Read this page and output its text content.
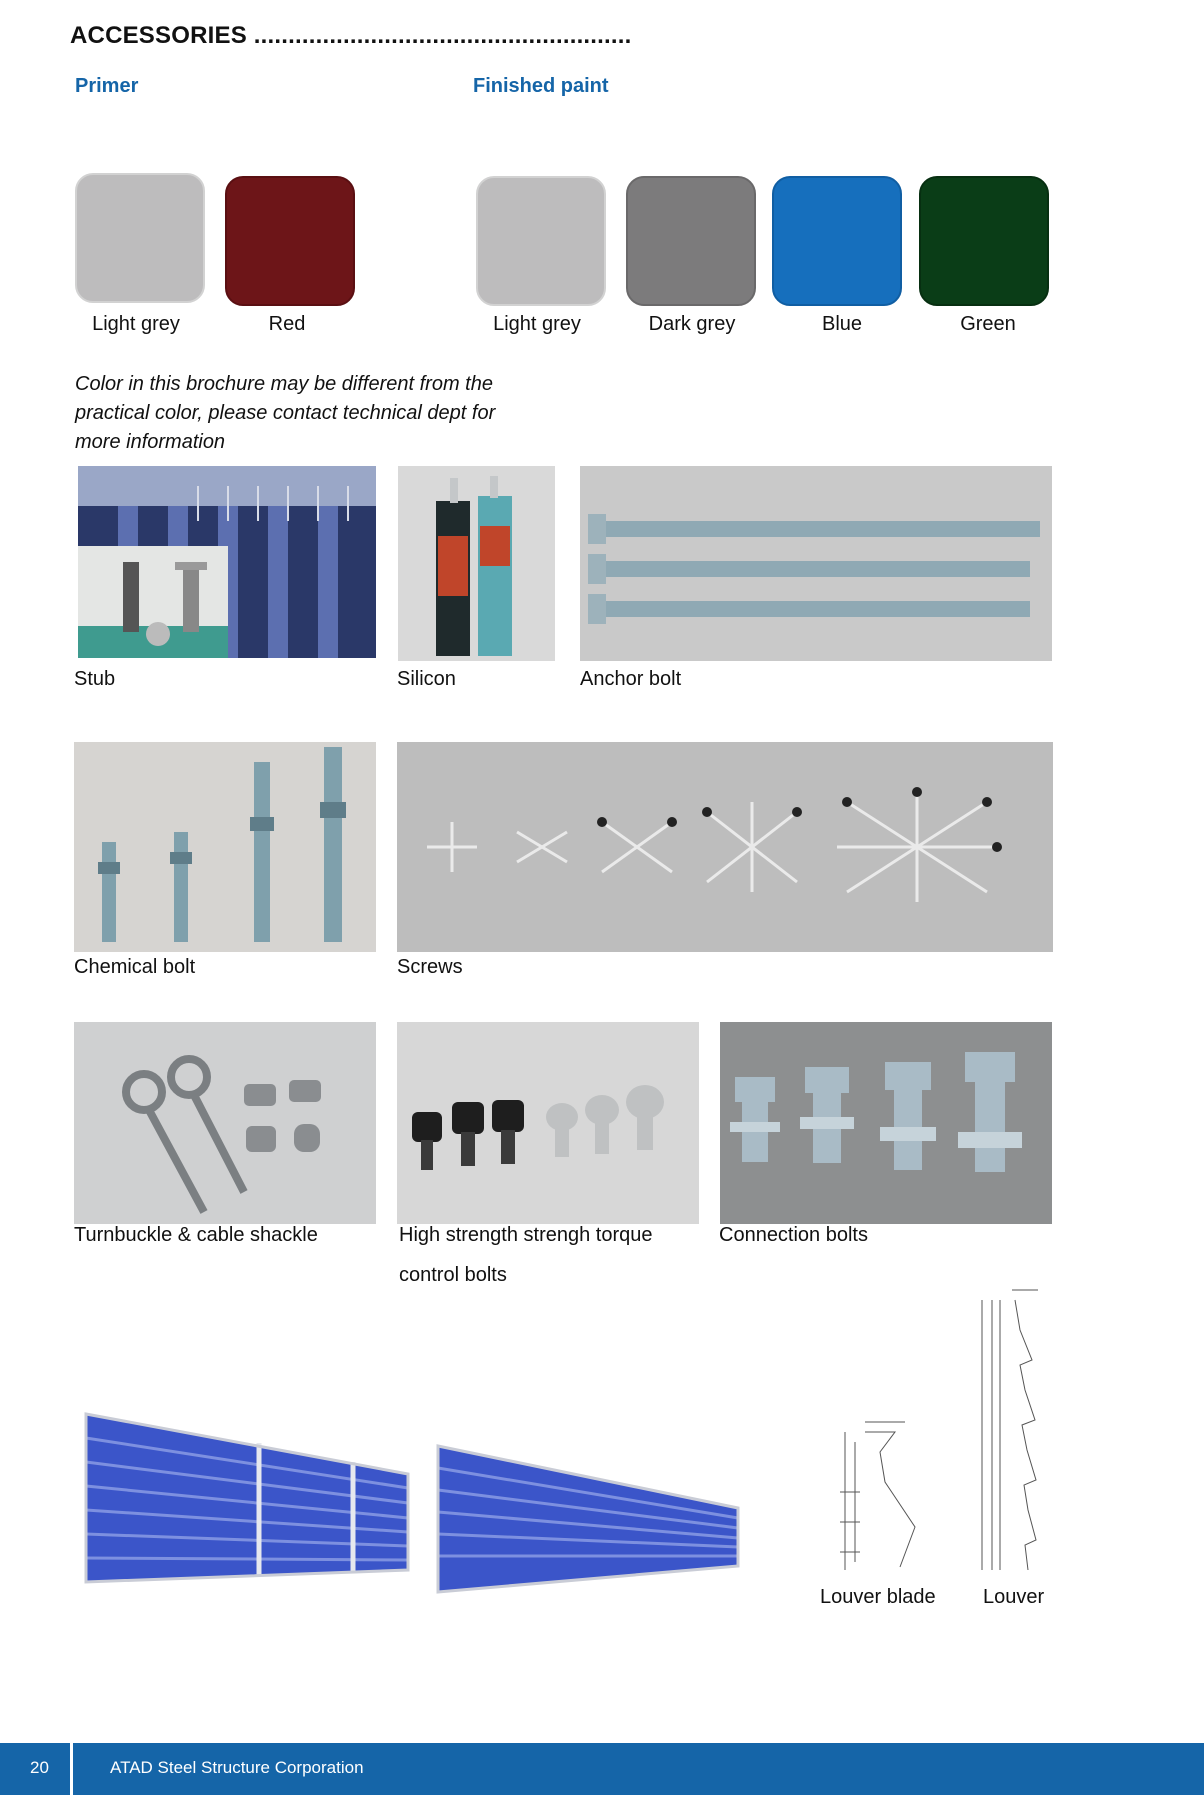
ACCESSORIES .......................................................
Primer	Finished paint
Light grey	Red	Light grey	Dark grey	Blue	Green
Color in this brochure may be different from the practical color, please contact technical dept for more information
Stub	Silicon	Anchor bolt
Chemical bolt	Screws
Turnbuckle & cable shackle	High strength strengh torque
control bolts
Connection bolts
Louver blade Louver
20	ATAD Steel Structure Corporation
